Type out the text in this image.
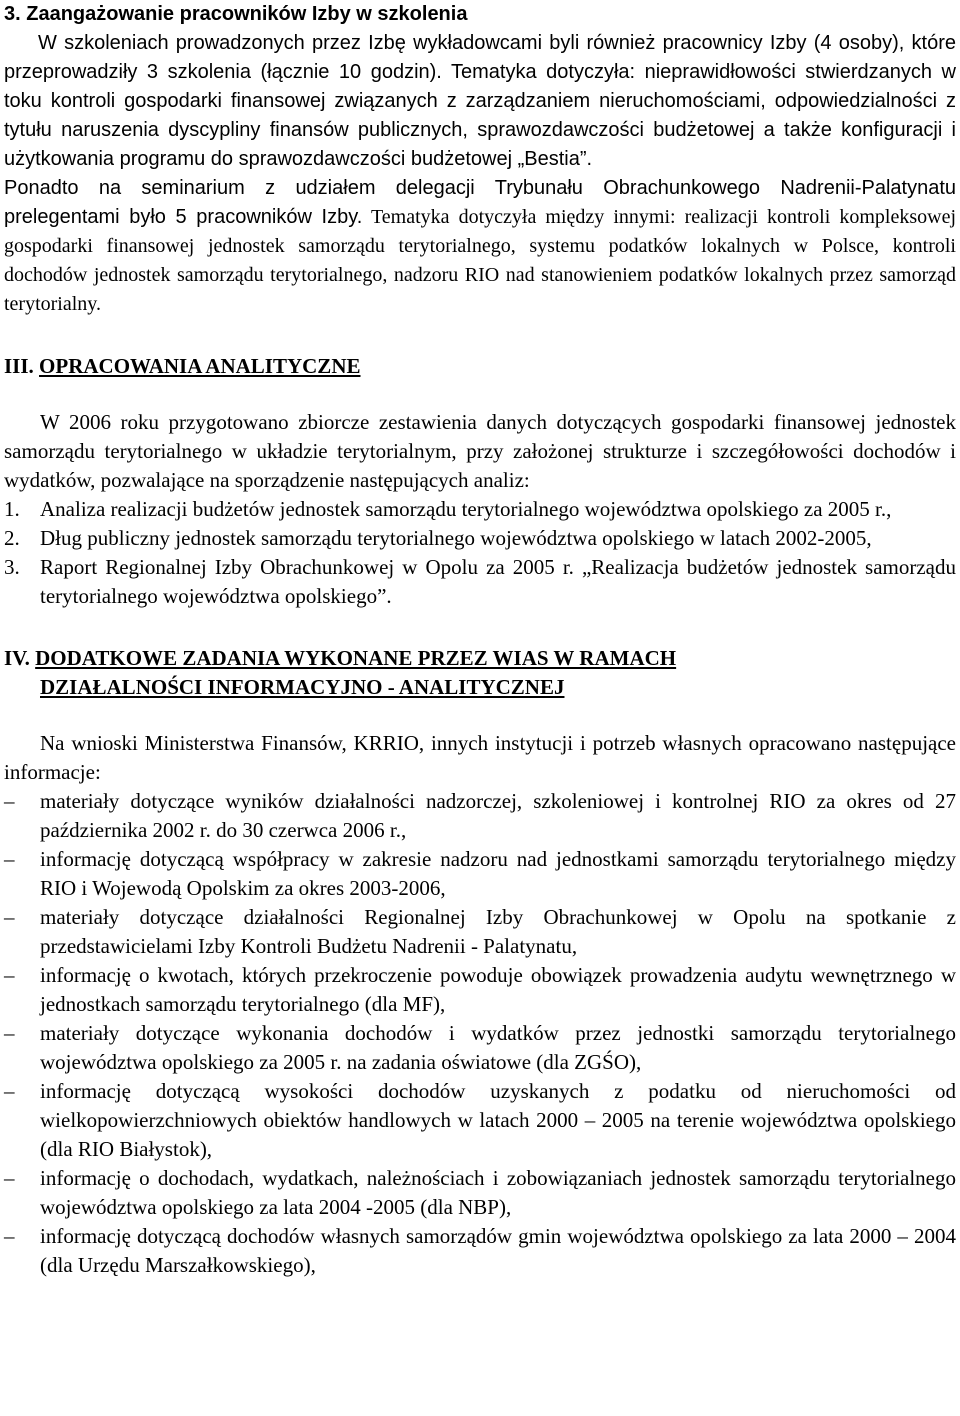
3. Zaangażowanie pracowników Izby w szkolenia

W szkoleniach prowadzonych przez Izbę wykładowcami byli również pracownicy Izby (4 osoby), które przeprowadziły 3 szkolenia (łącznie 10 godzin). Tematyka dotyczyła: nieprawidłowości stwierdzanych w toku kontroli gospodarki finansowej związanych z zarządzaniem nieruchomościami, odpowiedzialności z tytułu naruszenia dyscypliny finansów publicznych, sprawozdawczości budżetowej a także konfiguracji i użytkowania programu do sprawozdawczości budżetowej „Bestia”.

Ponadto na seminarium z udziałem delegacji Trybunału Obrachunkowego Nadrenii-Palatynatu prelegentami było 5 pracowników Izby. Tematyka dotyczyła między innymi: realizacji kontroli kompleksowej gospodarki finansowej jednostek samorządu terytorialnego, systemu podatków lokalnych w Polsce, kontroli dochodów jednostek samorządu terytorialnego, nadzoru RIO nad stanowieniem podatków lokalnych przez samorząd terytorialny.

III. OPRACOWANIA ANALITYCZNE

W 2006 roku przygotowano zbiorcze zestawienia danych dotyczących gospodarki finansowej jednostek samorządu terytorialnego w układzie terytorialnym, przy założonej strukturze i szczegółowości dochodów i wydatków, pozwalające na sporządzenie następujących analiz:

1. Analiza realizacji budżetów jednostek samorządu terytorialnego województwa opolskiego za 2005 r.,
2. Dług publiczny jednostek samorządu terytorialnego województwa opolskiego w latach 2002-2005,
3. Raport Regionalnej Izby Obrachunkowej w Opolu za 2005 r. „Realizacja budżetów jednostek samorządu terytorialnego województwa opolskiego”.
IV. DODATKOWE ZADANIA WYKONANE PRZEZ WIAS W RAMACH
DZIAŁALNOŚCI INFORMACYJNO - ANALITYCZNEJ

Na wnioski Ministerstwa Finansów, KRRIO, innych instytucji i potrzeb własnych opracowano następujące informacje:

– materiały dotyczące wyników działalności nadzorczej, szkoleniowej i kontrolnej RIO za okres od 27 października 2002 r. do 30 czerwca 2006 r.,
– informację dotyczącą współpracy w zakresie nadzoru nad jednostkami samorządu terytorialnego między RIO i Wojewodą Opolskim za okres 2003-2006,
– materiały dotyczące działalności Regionalnej Izby Obrachunkowej w Opolu na spotkanie z przedstawicielami Izby Kontroli Budżetu Nadrenii - Palatynatu,
– informację o kwotach, których przekroczenie powoduje obowiązek prowadzenia audytu wewnętrznego w jednostkach samorządu terytorialnego (dla MF),
– materiały dotyczące wykonania dochodów i wydatków przez jednostki samorządu terytorialnego województwa opolskiego za 2005 r. na zadania oświatowe (dla ZGŚO),
– informację dotyczącą wysokości dochodów uzyskanych z podatku od nieruchomości od wielkopowierzchniowych obiektów handlowych w latach 2000 – 2005 na terenie województwa opolskiego (dla RIO Białystok),
– informację o dochodach, wydatkach, należnościach i zobowiązaniach jednostek samorządu terytorialnego województwa opolskiego za lata 2004 -2005 (dla NBP),
– informację dotyczącą dochodów własnych samorządów gmin województwa opolskiego za lata 2000 – 2004 (dla Urzędu Marszałkowskiego),
